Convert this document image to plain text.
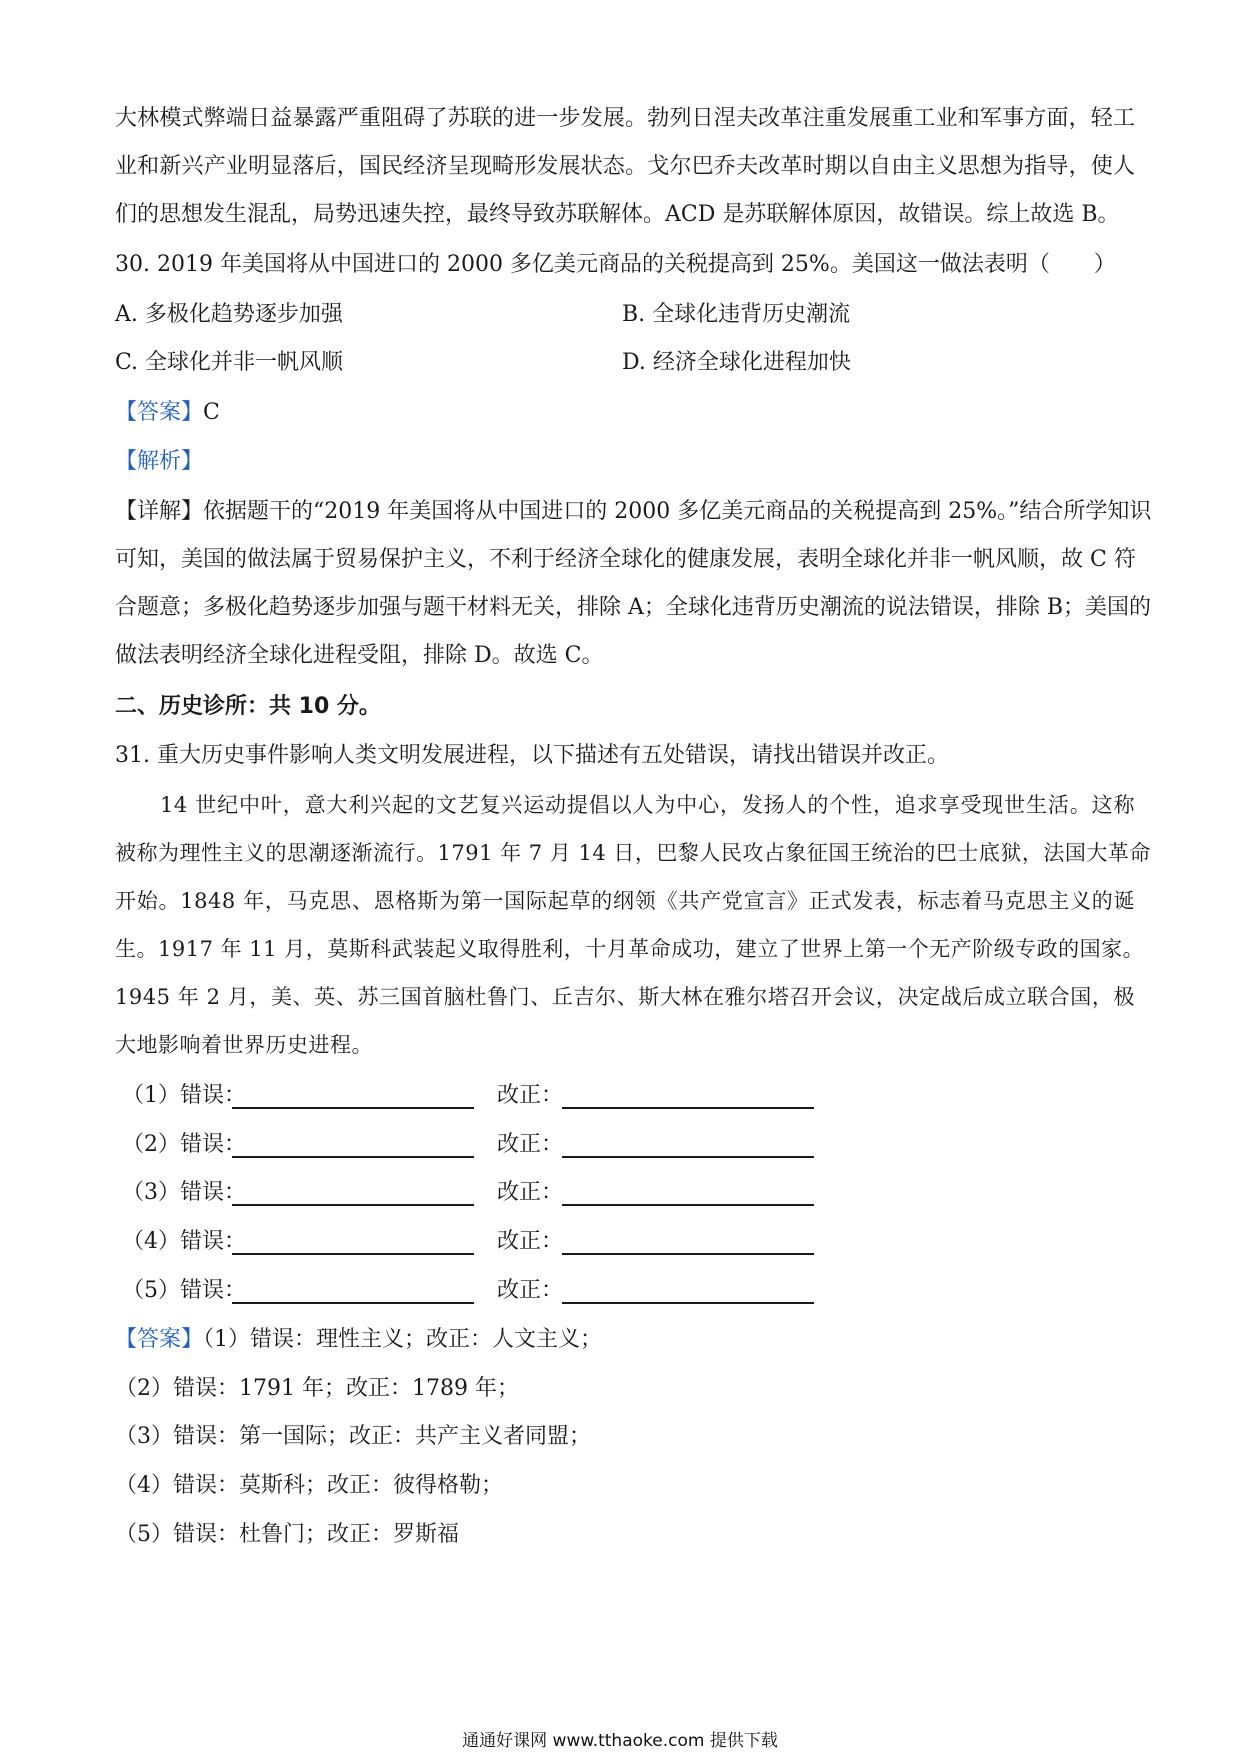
大林模式弊端日益暴露严重阻碍了苏联的进一步发展。勃列日涅夫改革注重发展重工业和军事方面，轻工
业和新兴产业明显落后，国民经济呈现畸形发展状态。戈尔巴乔夫改革时期以自由主义思想为指导，使人
们的思想发生混乱，局势迅速失控，最终导致苏联解体。ACD 是苏联解体原因，故错误。综上故选 B。
30. 2019 年美国将从中国进口的 2000 多亿美元商品的关税提高到 25%。美国这一做法表明（　　）
A. 多极化趋势逐步加强	B. 全球化违背历史潮流
C. 全球化并非一帆风顺	D. 经济全球化进程加快
【答案】C
【解析】
【详解】依据题干的“2019 年美国将从中国进口的 2000 多亿美元商品的关税提高到 25%。”结合所学知识
可知，美国的做法属于贸易保护主义，不利于经济全球化的健康发展，表明全球化并非一帆风顺，故 C 符
合题意；多极化趋势逐步加强与题干材料无关，排除 A；全球化违背历史潮流的说法错误，排除 B；美国的
做法表明经济全球化进程受阻，排除 D。故选 C。
二、历史诊所：共 10 分。
31. 重大历史事件影响人类文明发展进程，以下描述有五处错误，请找出错误并改正。
14 世纪中叶，意大利兴起的文艺复兴运动提倡以人为中心，发扬人的个性，追求享受现世生活。这称
被称为理性主义的思潮逐渐流行。1791 年 7 月 14 日，巴黎人民攻占象征国王统治的巴士底狱，法国大革命
开始。1848 年，马克思、恩格斯为第一国际起草的纲领《共产党宣言》正式发表，标志着马克思主义的诞
生。1917 年 11 月，莫斯科武装起义取得胜利，十月革命成功，建立了世界上第一个无产阶级专政的国家。
1945 年 2 月，美、英、苏三国首脑杜鲁门、丘吉尔、斯大林在雅尔塔召开会议，决定战后成立联合国，极
大地影响着世界历史进程。
（1）错误：	改正：
（2）错误：	改正：
（3）错误：	改正：
（4）错误：	改正：
（5）错误：	改正：
【答案】（1）错误：理性主义；改正：人文主义；
（2）错误：1791 年；改正：1789 年；
（3）错误：第一国际；改正：共产主义者同盟；
（4）错误：莫斯科；改正：彼得格勒；
（5）错误：杜鲁门；改正：罗斯福
通通好课网 www.tthaoke.com 提供下载
